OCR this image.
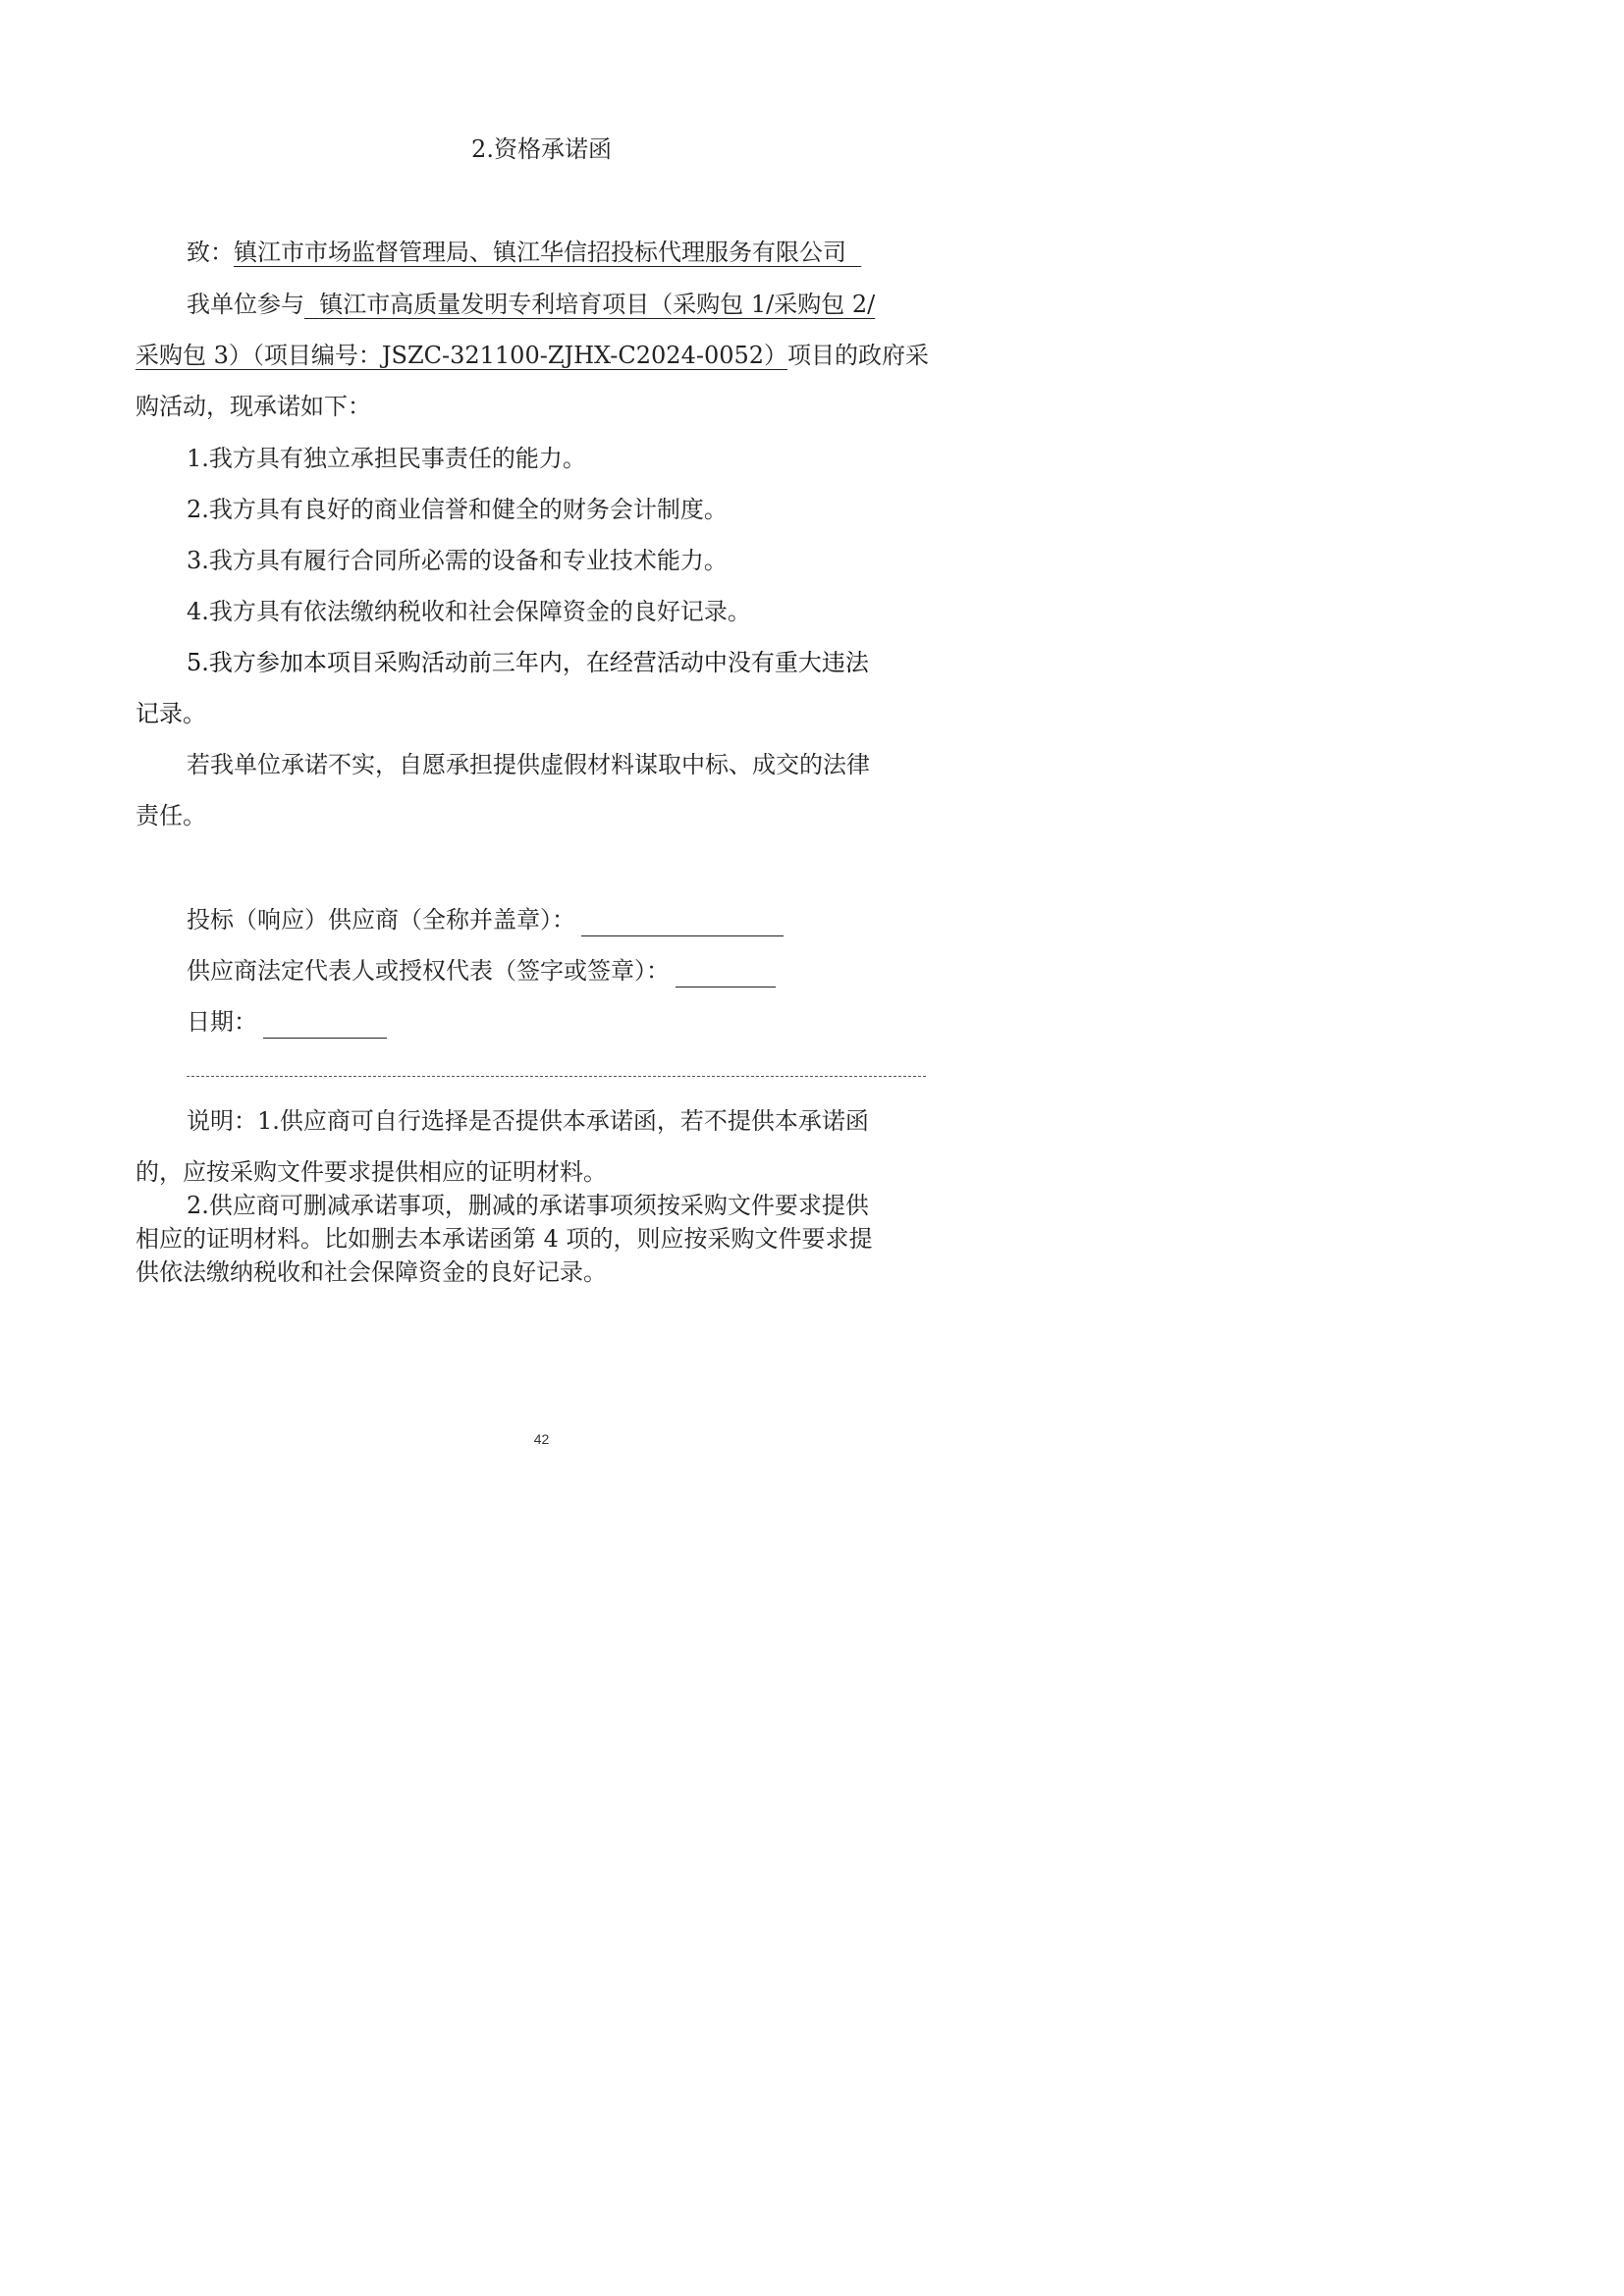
2.资格承诺函
致：镇江市市场监督管理局、镇江华信招投标代理服务有限公司
我单位参与 镇江市高质量发明专利培育项目（采购包 1/采购包 2/
采购包 3）（项目编号：JSZC-321100-ZJHX-C2024-0052）项目的政府采
购活动，现承诺如下：
1.我方具有独立承担民事责任的能力。
2.我方具有良好的商业信誉和健全的财务会计制度。
3.我方具有履行合同所必需的设备和专业技术能力。
4.我方具有依法缴纳税收和社会保障资金的良好记录。
5.我方参加本项目采购活动前三年内，在经营活动中没有重大违法
记录。
若我单位承诺不实，自愿承担提供虚假材料谋取中标、成交的法律
责任。
投标（响应）供应商（全称并盖章）：
供应商法定代表人或授权代表（签字或签章）：
日期：
说明：1.供应商可自行选择是否提供本承诺函，若不提供本承诺函
的，应按采购文件要求提供相应的证明材料。
2.供应商可删减承诺事项，删减的承诺事项须按采购文件要求提供
相应的证明材料。比如删去本承诺函第 4 项的，则应按采购文件要求提
供依法缴纳税收和社会保障资金的良好记录。
42
